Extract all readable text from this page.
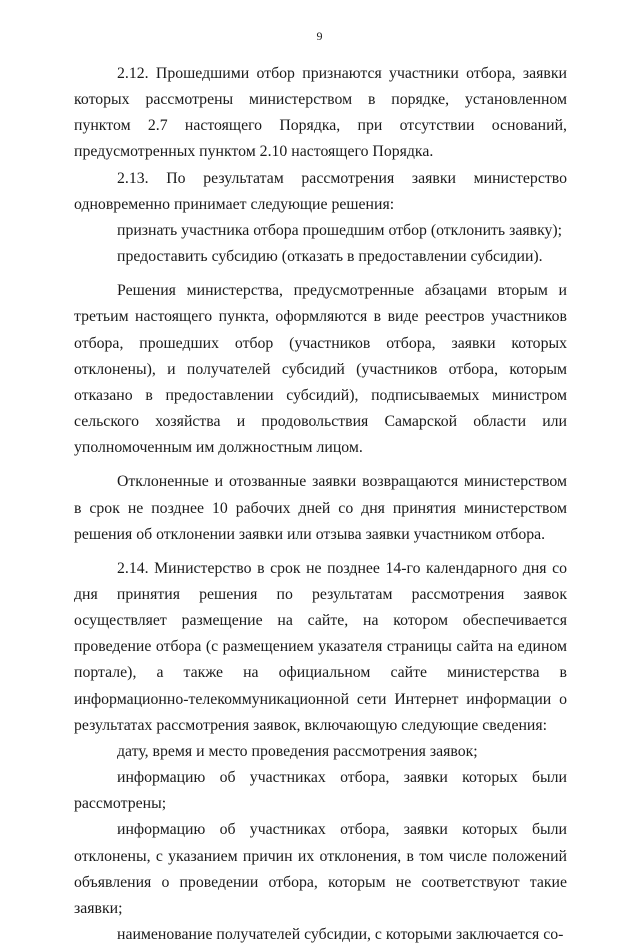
9

2.12. Прошедшими отбор признаются участники отбора, заявки которых рассмотрены министерством в порядке, установленном пунктом 2.7 настоящего Порядка, при отсутствии оснований, предусмотренных пунктом 2.10 настоящего Порядка.

2.13. По результатам рассмотрения заявки министерство одновременно принимает следующие решения:

признать участника отбора прошедшим отбор (отклонить заявку);

предоставить субсидию (отказать в предоставлении субсидии).

Решения министерства, предусмотренные абзацами вторым и третьим настоящего пункта, оформляются в виде реестров участников отбора, прошедших отбор (участников отбора, заявки которых отклонены), и получателей субсидий (участников отбора, которым отказано в предоставлении субсидий), подписываемых министром сельского хозяйства и продовольствия Самарской области или уполномоченным им должностным лицом.

Отклоненные и отозванные заявки возвращаются министерством в срок не позднее 10 рабочих дней со дня принятия министерством решения об отклонении заявки или отзыва заявки участником отбора.

2.14. Министерство в срок не позднее 14-го календарного дня со дня принятия решения по результатам рассмотрения заявок осуществляет размещение на сайте, на котором обеспечивается проведение отбора (с размещением указателя страницы сайта на едином портале), а также на официальном сайте министерства в информационно-телекоммуникационной сети Интернет информации о результатах рассмотрения заявок, включающую следующие сведения:

дату, время и место проведения рассмотрения заявок;

информацию об участниках отбора, заявки которых были рассмотрены;

информацию об участниках отбора, заявки которых были отклонены, с указанием причин их отклонения, в том числе положений объявления о проведении отбора, которым не соответствуют такие заявки;

наименование получателей субсидии, с которыми заключается со-
